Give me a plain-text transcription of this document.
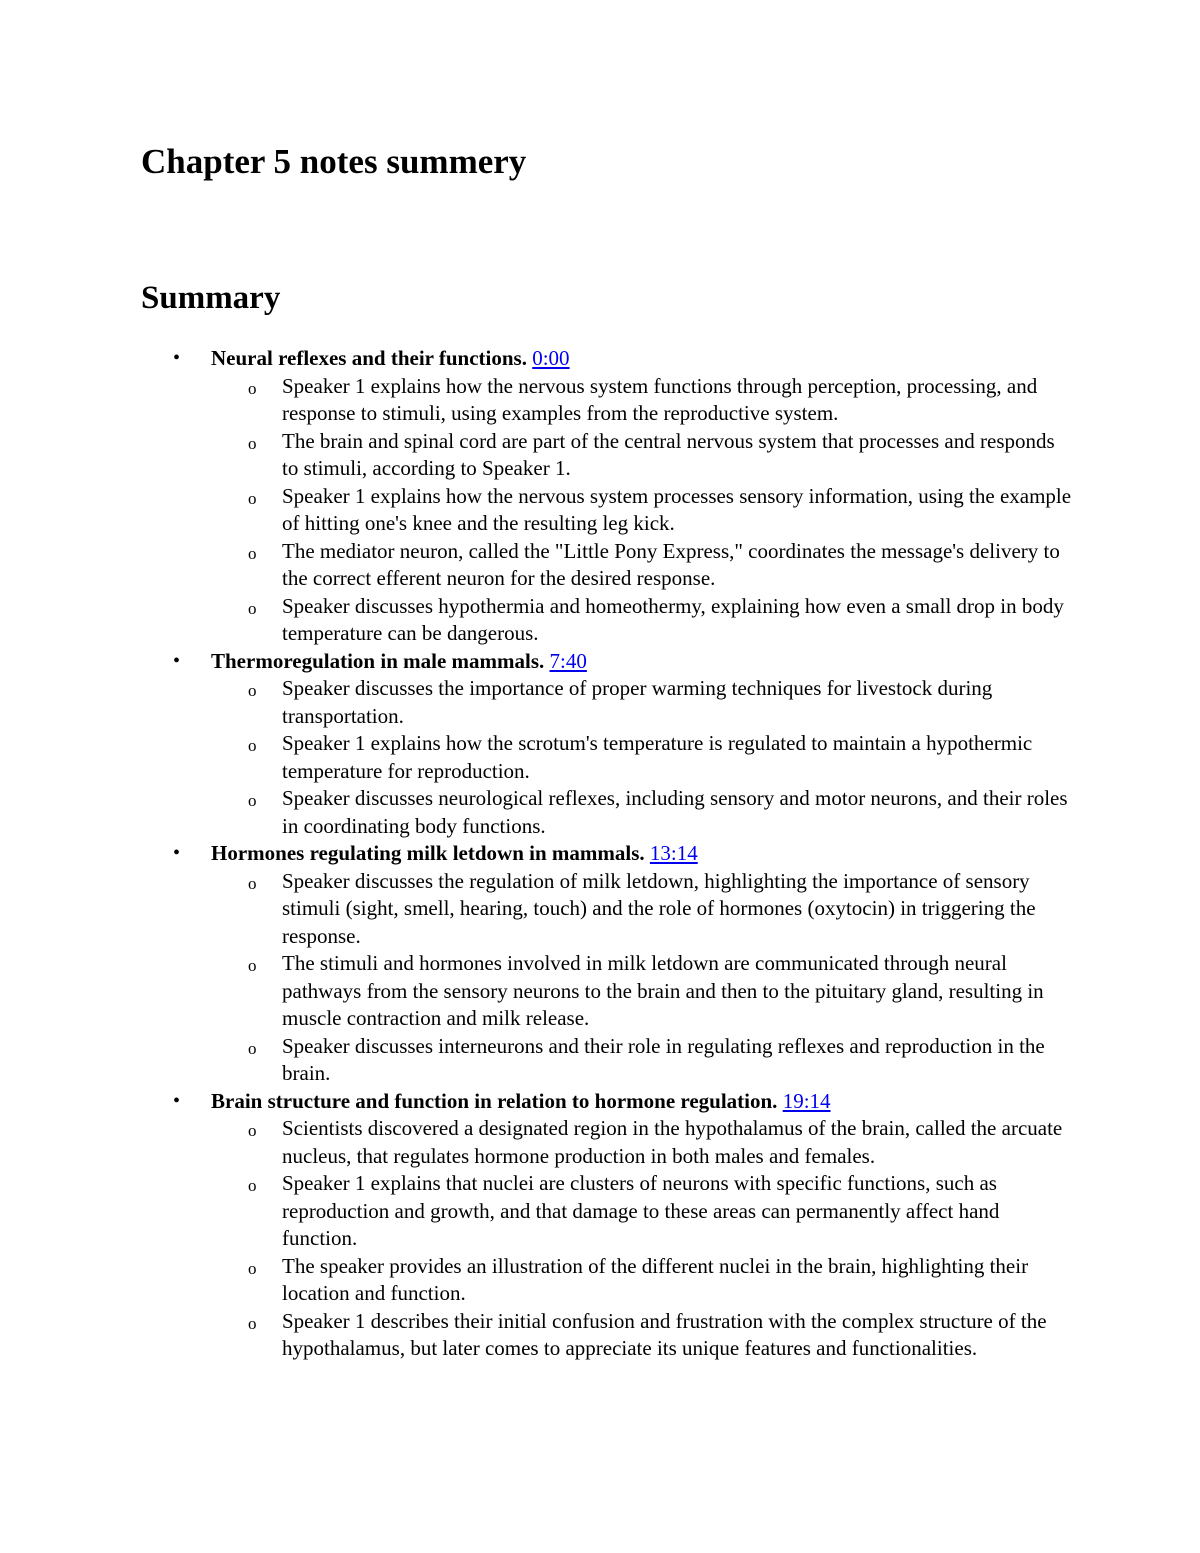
Chapter 5 notes summery
Summary
• Neural reflexes and their functions. 0:00
o Speaker 1 explains how the nervous system functions through perception, processing, and response to stimuli, using examples from the reproductive system.
o The brain and spinal cord are part of the central nervous system that processes and responds to stimuli, according to Speaker 1.
o Speaker 1 explains how the nervous system processes sensory information, using the example of hitting one's knee and the resulting leg kick.
o The mediator neuron, called the "Little Pony Express," coordinates the message's delivery to the correct efferent neuron for the desired response.
o Speaker discusses hypothermia and homeothermy, explaining how even a small drop in body temperature can be dangerous.
• Thermoregulation in male mammals. 7:40
o Speaker discusses the importance of proper warming techniques for livestock during transportation.
o Speaker 1 explains how the scrotum's temperature is regulated to maintain a hypothermic temperature for reproduction.
o Speaker discusses neurological reflexes, including sensory and motor neurons, and their roles in coordinating body functions.
• Hormones regulating milk letdown in mammals. 13:14
o Speaker discusses the regulation of milk letdown, highlighting the importance of sensory stimuli (sight, smell, hearing, touch) and the role of hormones (oxytocin) in triggering the response.
o The stimuli and hormones involved in milk letdown are communicated through neural pathways from the sensory neurons to the brain and then to the pituitary gland, resulting in muscle contraction and milk release.
o Speaker discusses interneurons and their role in regulating reflexes and reproduction in the brain.
• Brain structure and function in relation to hormone regulation. 19:14
o Scientists discovered a designated region in the hypothalamus of the brain, called the arcuate nucleus, that regulates hormone production in both males and females.
o Speaker 1 explains that nuclei are clusters of neurons with specific functions, such as reproduction and growth, and that damage to these areas can permanently affect hand function.
o The speaker provides an illustration of the different nuclei in the brain, highlighting their location and function.
o Speaker 1 describes their initial confusion and frustration with the complex structure of the hypothalamus, but later comes to appreciate its unique features and functionalities.
